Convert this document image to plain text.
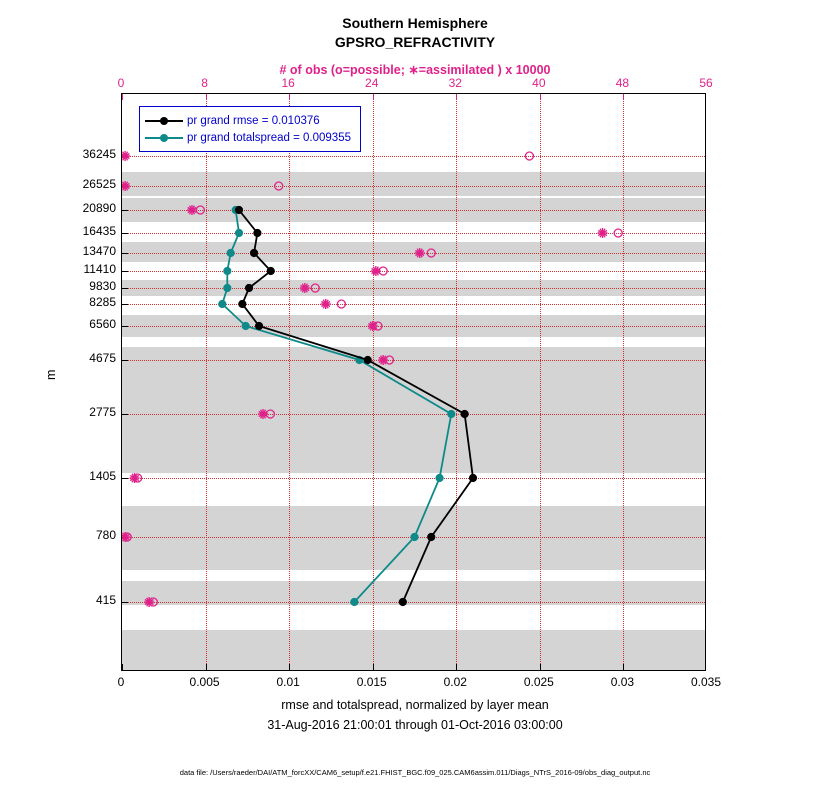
Southern Hemisphere
GPSRO_REFRACTIVITY
# of obs (o=possible; ∗=assimilated ) x 10000
0	8	16	24	32	40	48	56
36245
26525
20890
16435
13470
11410
9830
8285
6560
4675
2775
1405
780
415
pr grand rmse = 0.010376
pr grand totalspread = 0.009355
0	0.005	0.01	0.015	0.02	0.025	0.03	0.035
rmse and totalspread, normalized by layer mean
31-Aug-2016 21:00:01 through 01-Oct-2016 03:00:00
m
data file: /Users/raeder/DAI/ATM_forcXX/CAM6_setup/f.e21.FHIST_BGC.f09_025.CAM6assim.011/Diags_NTrS_2016-09/obs_diag_output.nc
